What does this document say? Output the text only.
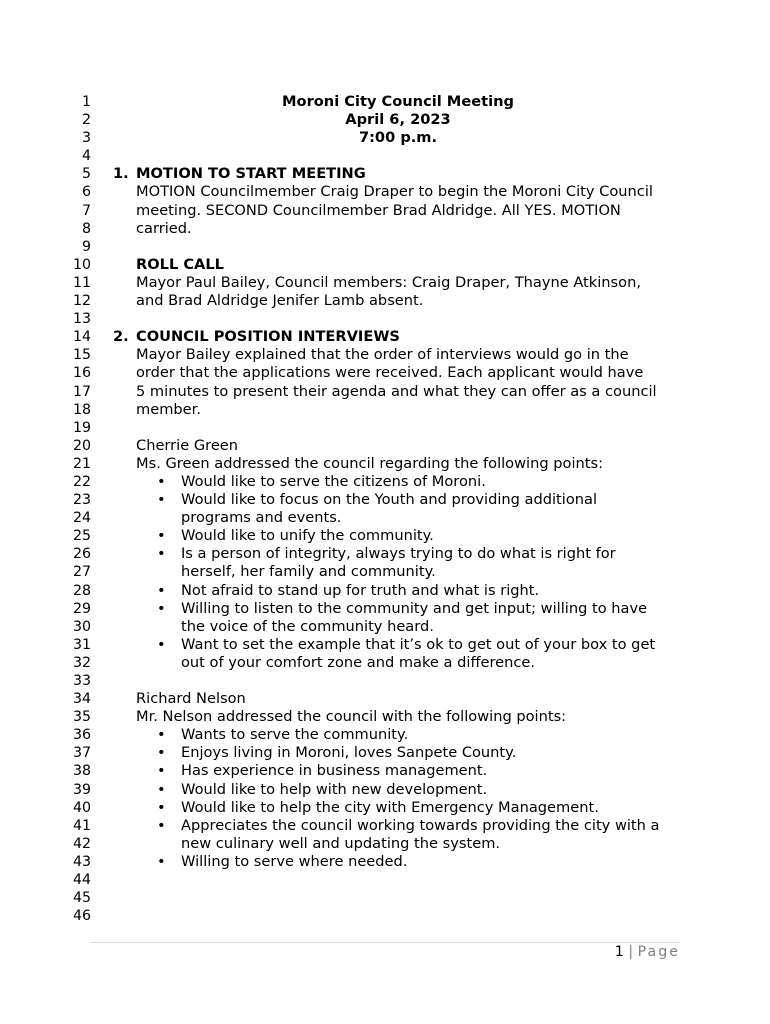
1
2
3
4
5
6
7
8
9
10
11
12
13
14
15
16
17
18
19
20
21
22
23
24
25
26
27
28
29
30
31
32
33
34
35
36
37
38
39
40
41
42
43
44
45
46
Moroni City Council Meeting
April 6, 2023
7:00 p.m.
1. MOTION TO START MEETING
MOTION Councilmember Craig Draper to begin the Moroni City Council
meeting. SECOND Councilmember Brad Aldridge. All YES. MOTION
carried.
ROLL CALL
Mayor Paul Bailey, Council members: Craig Draper, Thayne Atkinson,
and Brad Aldridge Jenifer Lamb absent.
2. COUNCIL POSITION INTERVIEWS
Mayor Bailey explained that the order of interviews would go in the
order that the applications were received. Each applicant would have
5 minutes to present their agenda and what they can offer as a council
member.
Cherrie Green
Ms. Green addressed the council regarding the following points:
• Would like to serve the citizens of Moroni.
• Would like to focus on the Youth and providing additional
programs and events.
• Would like to unify the community.
• Is a person of integrity, always trying to do what is right for
herself, her family and community.
• Not afraid to stand up for truth and what is right.
• Willing to listen to the community and get input; willing to have
the voice of the community heard.
• Want to set the example that it’s ok to get out of your box to get
out of your comfort zone and make a difference.
Richard Nelson
Mr. Nelson addressed the council with the following points:
• Wants to serve the community.
• Enjoys living in Moroni, loves Sanpete County.
• Has experience in business management.
• Would like to help with new development.
• Would like to help the city with Emergency Management.
• Appreciates the council working towards providing the city with a
new culinary well and updating the system.
• Willing to serve where needed.
1 | Page
